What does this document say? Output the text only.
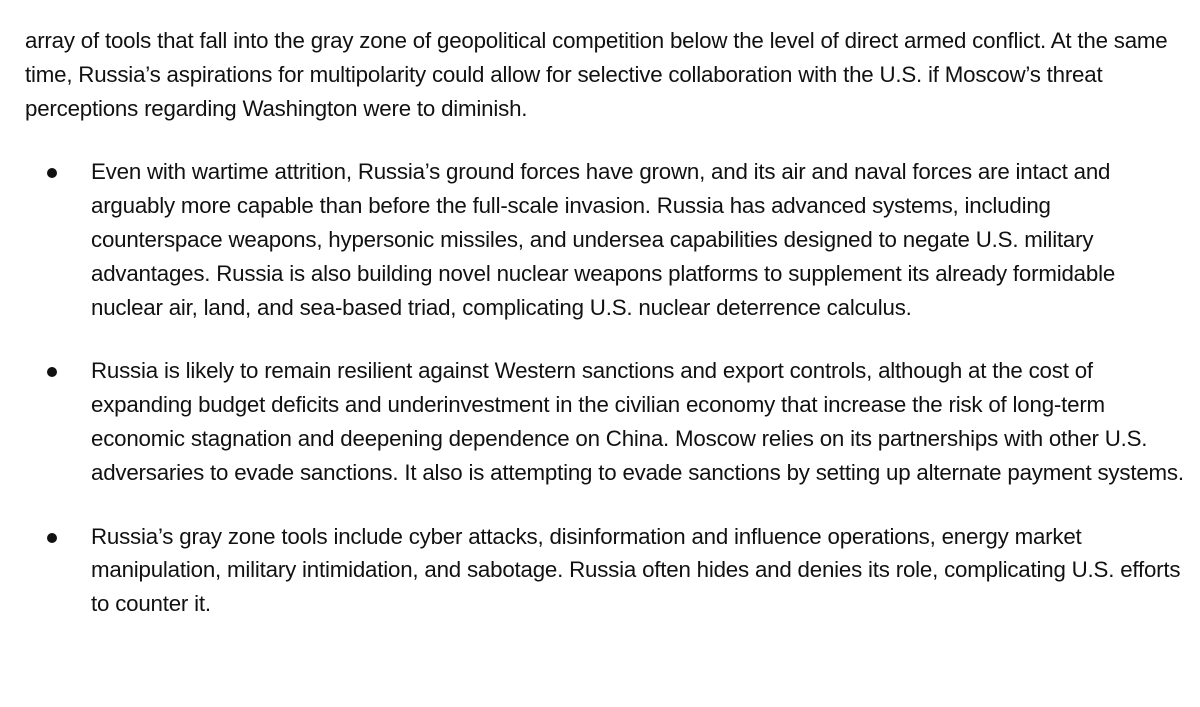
array of tools that fall into the gray zone of geopolitical competition below the level of direct armed conflict. At the same time, Russia’s aspirations for multipolarity could allow for selective collaboration with the U.S. if Moscow’s threat perceptions regarding Washington were to diminish.

Even with wartime attrition, Russia’s ground forces have grown, and its air and naval forces are intact and arguably more capable than before the full-scale invasion. Russia has advanced systems, including counterspace weapons, hypersonic missiles, and undersea capabilities designed to negate U.S. military advantages. Russia is also building novel nuclear weapons platforms to supplement its already formidable nuclear air, land, and sea-based triad, complicating U.S. nuclear deterrence calculus.
Russia is likely to remain resilient against Western sanctions and export controls, although at the cost of expanding budget deficits and underinvestment in the civilian economy that increase the risk of long-term economic stagnation and deepening dependence on China. Moscow relies on its partnerships with other U.S. adversaries to evade sanctions. It also is attempting to evade sanctions by setting up alternate payment systems.
Russia’s gray zone tools include cyber attacks, disinformation and influence operations, energy market manipulation, military intimidation, and sabotage. Russia often hides and denies its role, complicating U.S. efforts to counter it.
